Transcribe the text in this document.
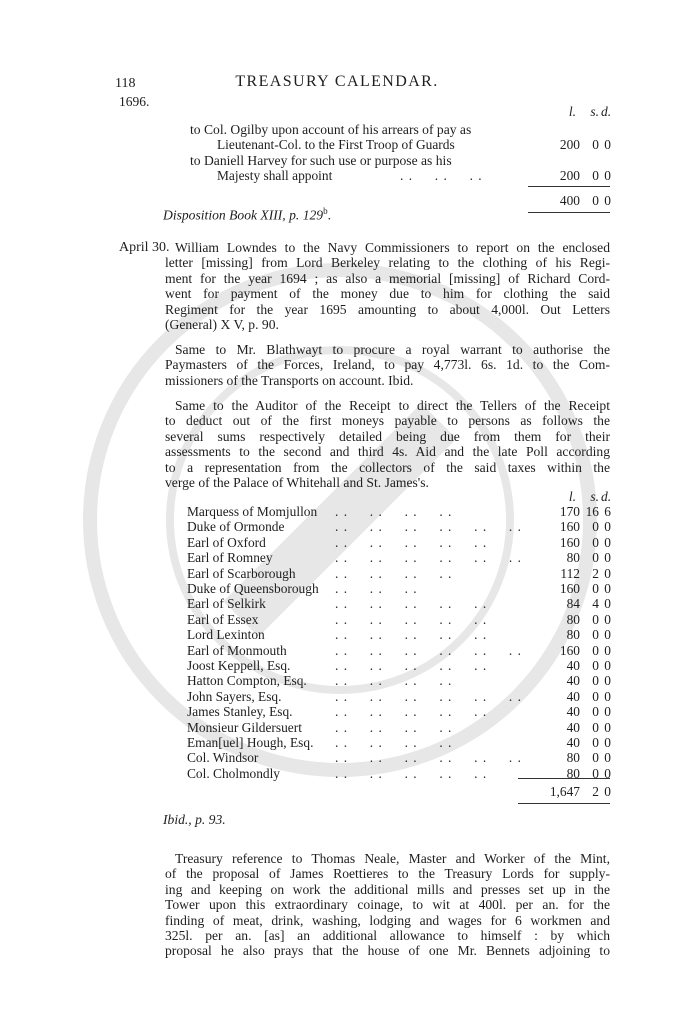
118	TREASURY CALENDAR.
1696.
l.	s. d.
to Col. Ogilby upon account of his arrears of pay as
Lieutenant-Col. to the First Troop of Guards	200 0 0
to Daniell Harvey for such use or purpose as his
Majesty shall appoint	. .     . .     . .	200 0 0
400 0 0
Disposition Book XIII, p. 129$^b$.
April 30. William Lowndes to the Navy Commissioners to report on the enclosed
letter [missing] from Lord Berkeley relating to the clothing of his Regi-
ment for the year 1694 ; as also a memorial [missing] of Richard Cord-
went for payment of the money due to him for clothing the said
Regiment for the year 1695 amounting to about 4,000l. Out Letters
(General) X V, p. 90.
Same to Mr. Blathwayt to procure a royal warrant to authorise the
Paymasters of the Forces, Ireland, to pay 4,773l. 6s. 1d. to the Com-
missioners of the Transports on account. Ibid.
Same to the Auditor of the Receipt to direct the Tellers of the Receipt
to deduct out of the first moneys payable to persons as follows the
several sums respectively detailed being due from them for their
assessments to the second and third 4s. Aid and the late Poll according
to a representation from the collectors of the said taxes within the
verge of the Palace of Whitehall and St. James's.
l.	s. d.
Marquess of Momjullon . .     . .     . .     . .	170 16 6
Duke of Ormonde	. .     . .     . .     . .     . .     . .	160 0 0
Earl of Oxford	. .     . .     . .     . .     . .	160 0 0
Earl of Romney	. .     . .     . .     . .     . .     . .	80 0 0
Earl of Scarborough	. .     . .     . .     . .	112 2 0
Duke of Queensborough . .     . .     . .	160 0 0
Earl of Selkirk	. .     . .     . .     . .     . .	84 4 0
Earl of Essex	. .     . .     . .     . .     . .	80 0 0
Lord Lexinton	. .     . .     . .     . .     . .	80 0 0
Earl of Monmouth	. .     . .     . .     . .     . .     . .	160 0 0
Joost Keppell, Esq.	. .     . .     . .     . .     . .	40 0 0
Hatton Compton, Esq. . .     . .     . .     . .	40 0 0
John Sayers, Esq.	. .     . .     . .     . .     . .     . .	40 0 0
James Stanley, Esq.	. .     . .     . .     . .     . .	40 0 0
Monsieur Gildersuert . .     . .     . .     . .	40 0 0
Eman[uel] Hough, Esq. . .     . .     . .     . .	40 0 0
Col. Windsor	. .     . .     . .     . .     . .     . .	80 0 0
Col. Cholmondly	. .     . .     . .     . .     . .	80 0 0
1,647 2 0
Ibid., p. 93.
Treasury reference to Thomas Neale, Master and Worker of the Mint,
of the proposal of James Roettieres to the Treasury Lords for supply-
ing and keeping on work the additional mills and presses set up in the
Tower upon this extraordinary coinage, to wit at 400l. per an. for the
finding of meat, drink, washing, lodging and wages for 6 workmen and
325l. per an. [as] an additional allowance to himself : by which
proposal he also prays that the house of one Mr. Bennets adjoining to
